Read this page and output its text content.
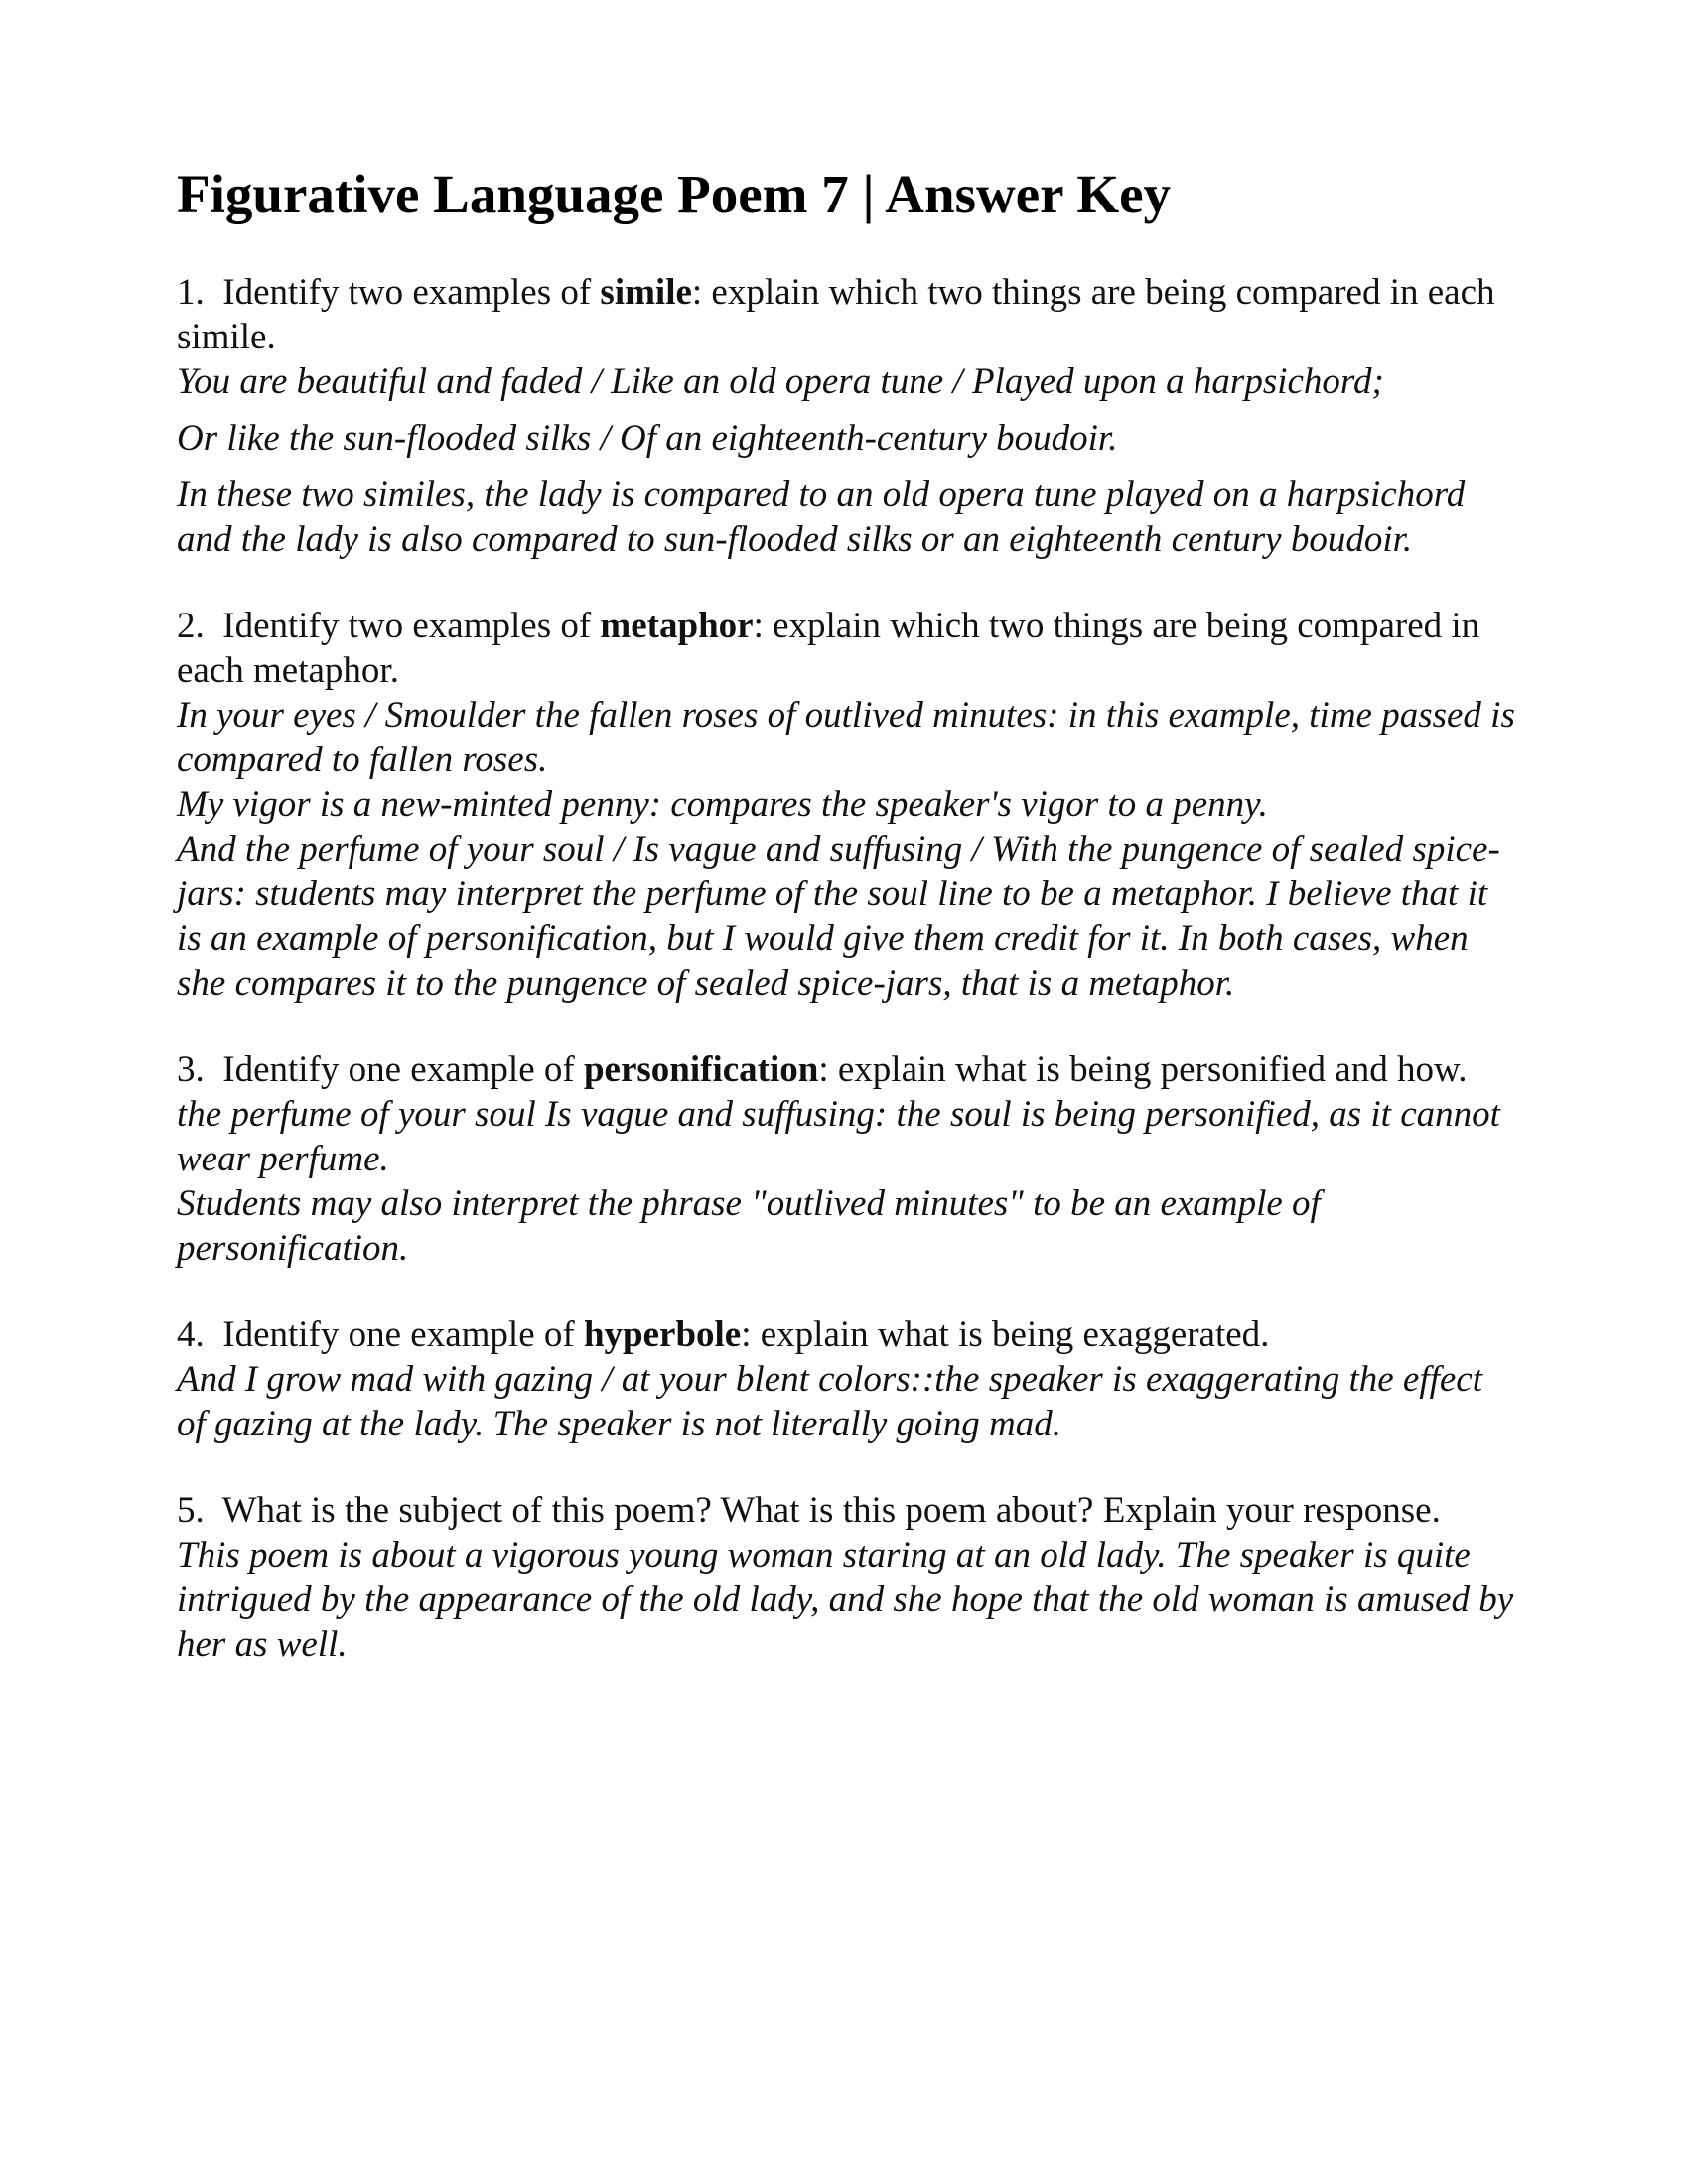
Figurative Language Poem 7 | Answer Key

1. Identify two examples of simile: explain which two things are being compared in each simile.

You are beautiful and faded / Like an old opera tune / Played upon a harpsichord;

Or like the sun-flooded silks / Of an eighteenth-century boudoir.

In these two similes, the lady is compared to an old opera tune played on a harpsichord and the lady is also compared to sun-flooded silks or an eighteenth century boudoir.

2. Identify two examples of metaphor: explain which two things are being compared in each metaphor.

In your eyes / Smoulder the fallen roses of outlived minutes: in this example, time passed is compared to fallen roses.

My vigor is a new-minted penny: compares the speaker's vigor to a penny.

And the perfume of your soul / Is vague and suffusing / With the pungence of sealed spice-jars: students may interpret the perfume of the soul line to be a metaphor. I believe that it is an example of personification, but I would give them credit for it. In both cases, when she compares it to the pungence of sealed spice-jars, that is a metaphor.

3. Identify one example of personification: explain what is being personified and how.

the perfume of your soul Is vague and suffusing: the soul is being personified, as it cannot wear perfume.

Students may also interpret the phrase "outlived minutes" to be an example of personification.

4. Identify one example of hyperbole: explain what is being exaggerated.

And I grow mad with gazing / at your blent colors::the speaker is exaggerating the effect of gazing at the lady. The speaker is not literally going mad.

5. What is the subject of this poem? What is this poem about? Explain your response.

This poem is about a vigorous young woman staring at an old lady. The speaker is quite intrigued by the appearance of the old lady, and she hope that the old woman is amused by her as well.
